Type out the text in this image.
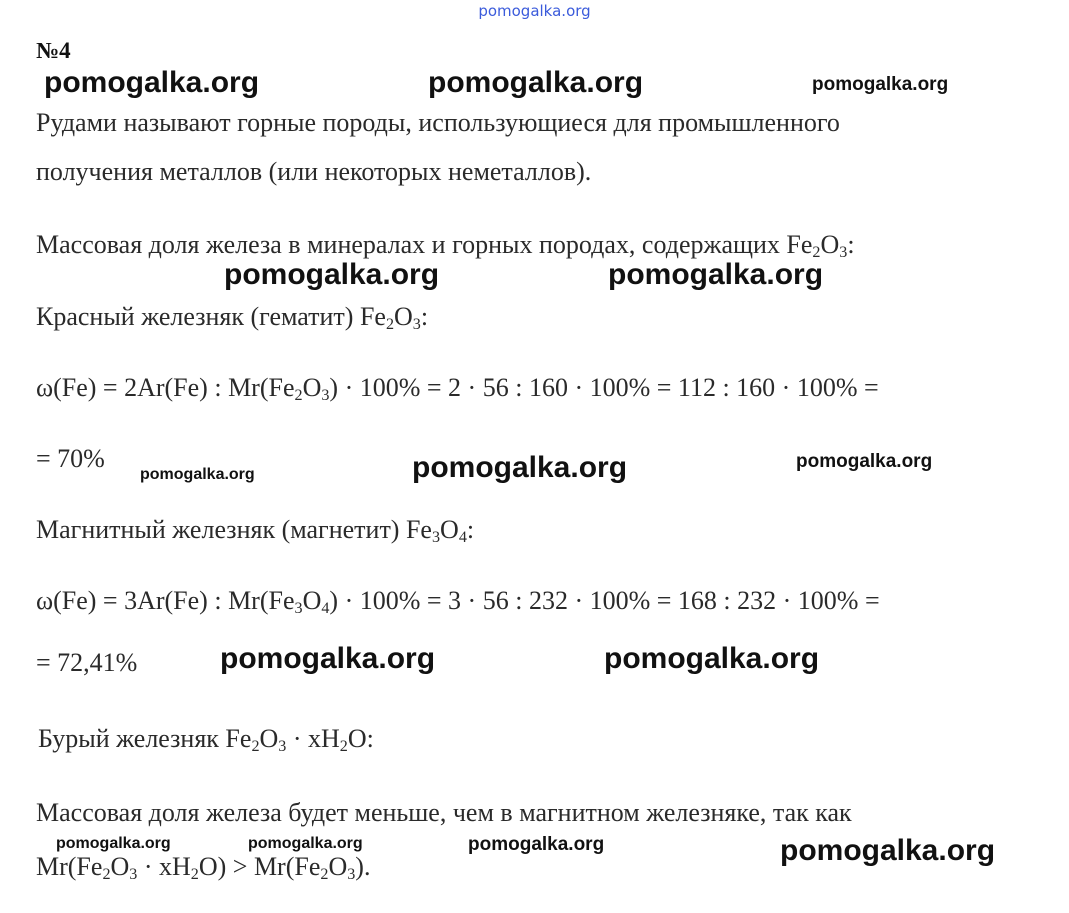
pomogalka.org
№4
pomogalka.org	pomogalka.org	pomogalka.org
pomogalka.org	pomogalka.org
pomogalka.org	pomogalka.org	pomogalka.org
pomogalka.org	pomogalka.org
pomogalka.org	pomogalka.org	pomogalka.org	pomogalka.org
Рудами называют горные породы, использующиеся для промышленного
получения металлов (или некоторых неметаллов).
Массовая доля железа в минералах и горных породах, содержащих $Fe_2O_3$:
Красный железняк (гематит) $Fe_2O_3$:
ω(Fe) = 2Ar(Fe) : $Mr(Fe_2O_3) \cdot 100\% = 2 \cdot 56$ : 160 · 100% = 112 : 160 · 100% =
= 70%
Магнитный железняк (магнетит) $Fe_3O_4$:
ω(Fe) = 3Ar(Fe) : $Mr(Fe_3O_4) \cdot 100\% = 3 \cdot 56$ : 232 · 100% = 168 : 232 · 100% =
= 72,41%
Бурый железняк $Fe_2O_3 \cdot xH_2O$:
Массовая доля железа будет меньше, чем в магнитном железняке, так как
$Mr(Fe_2O_3 \cdot xH_2O) > Mr(Fe_2O_3)$.
